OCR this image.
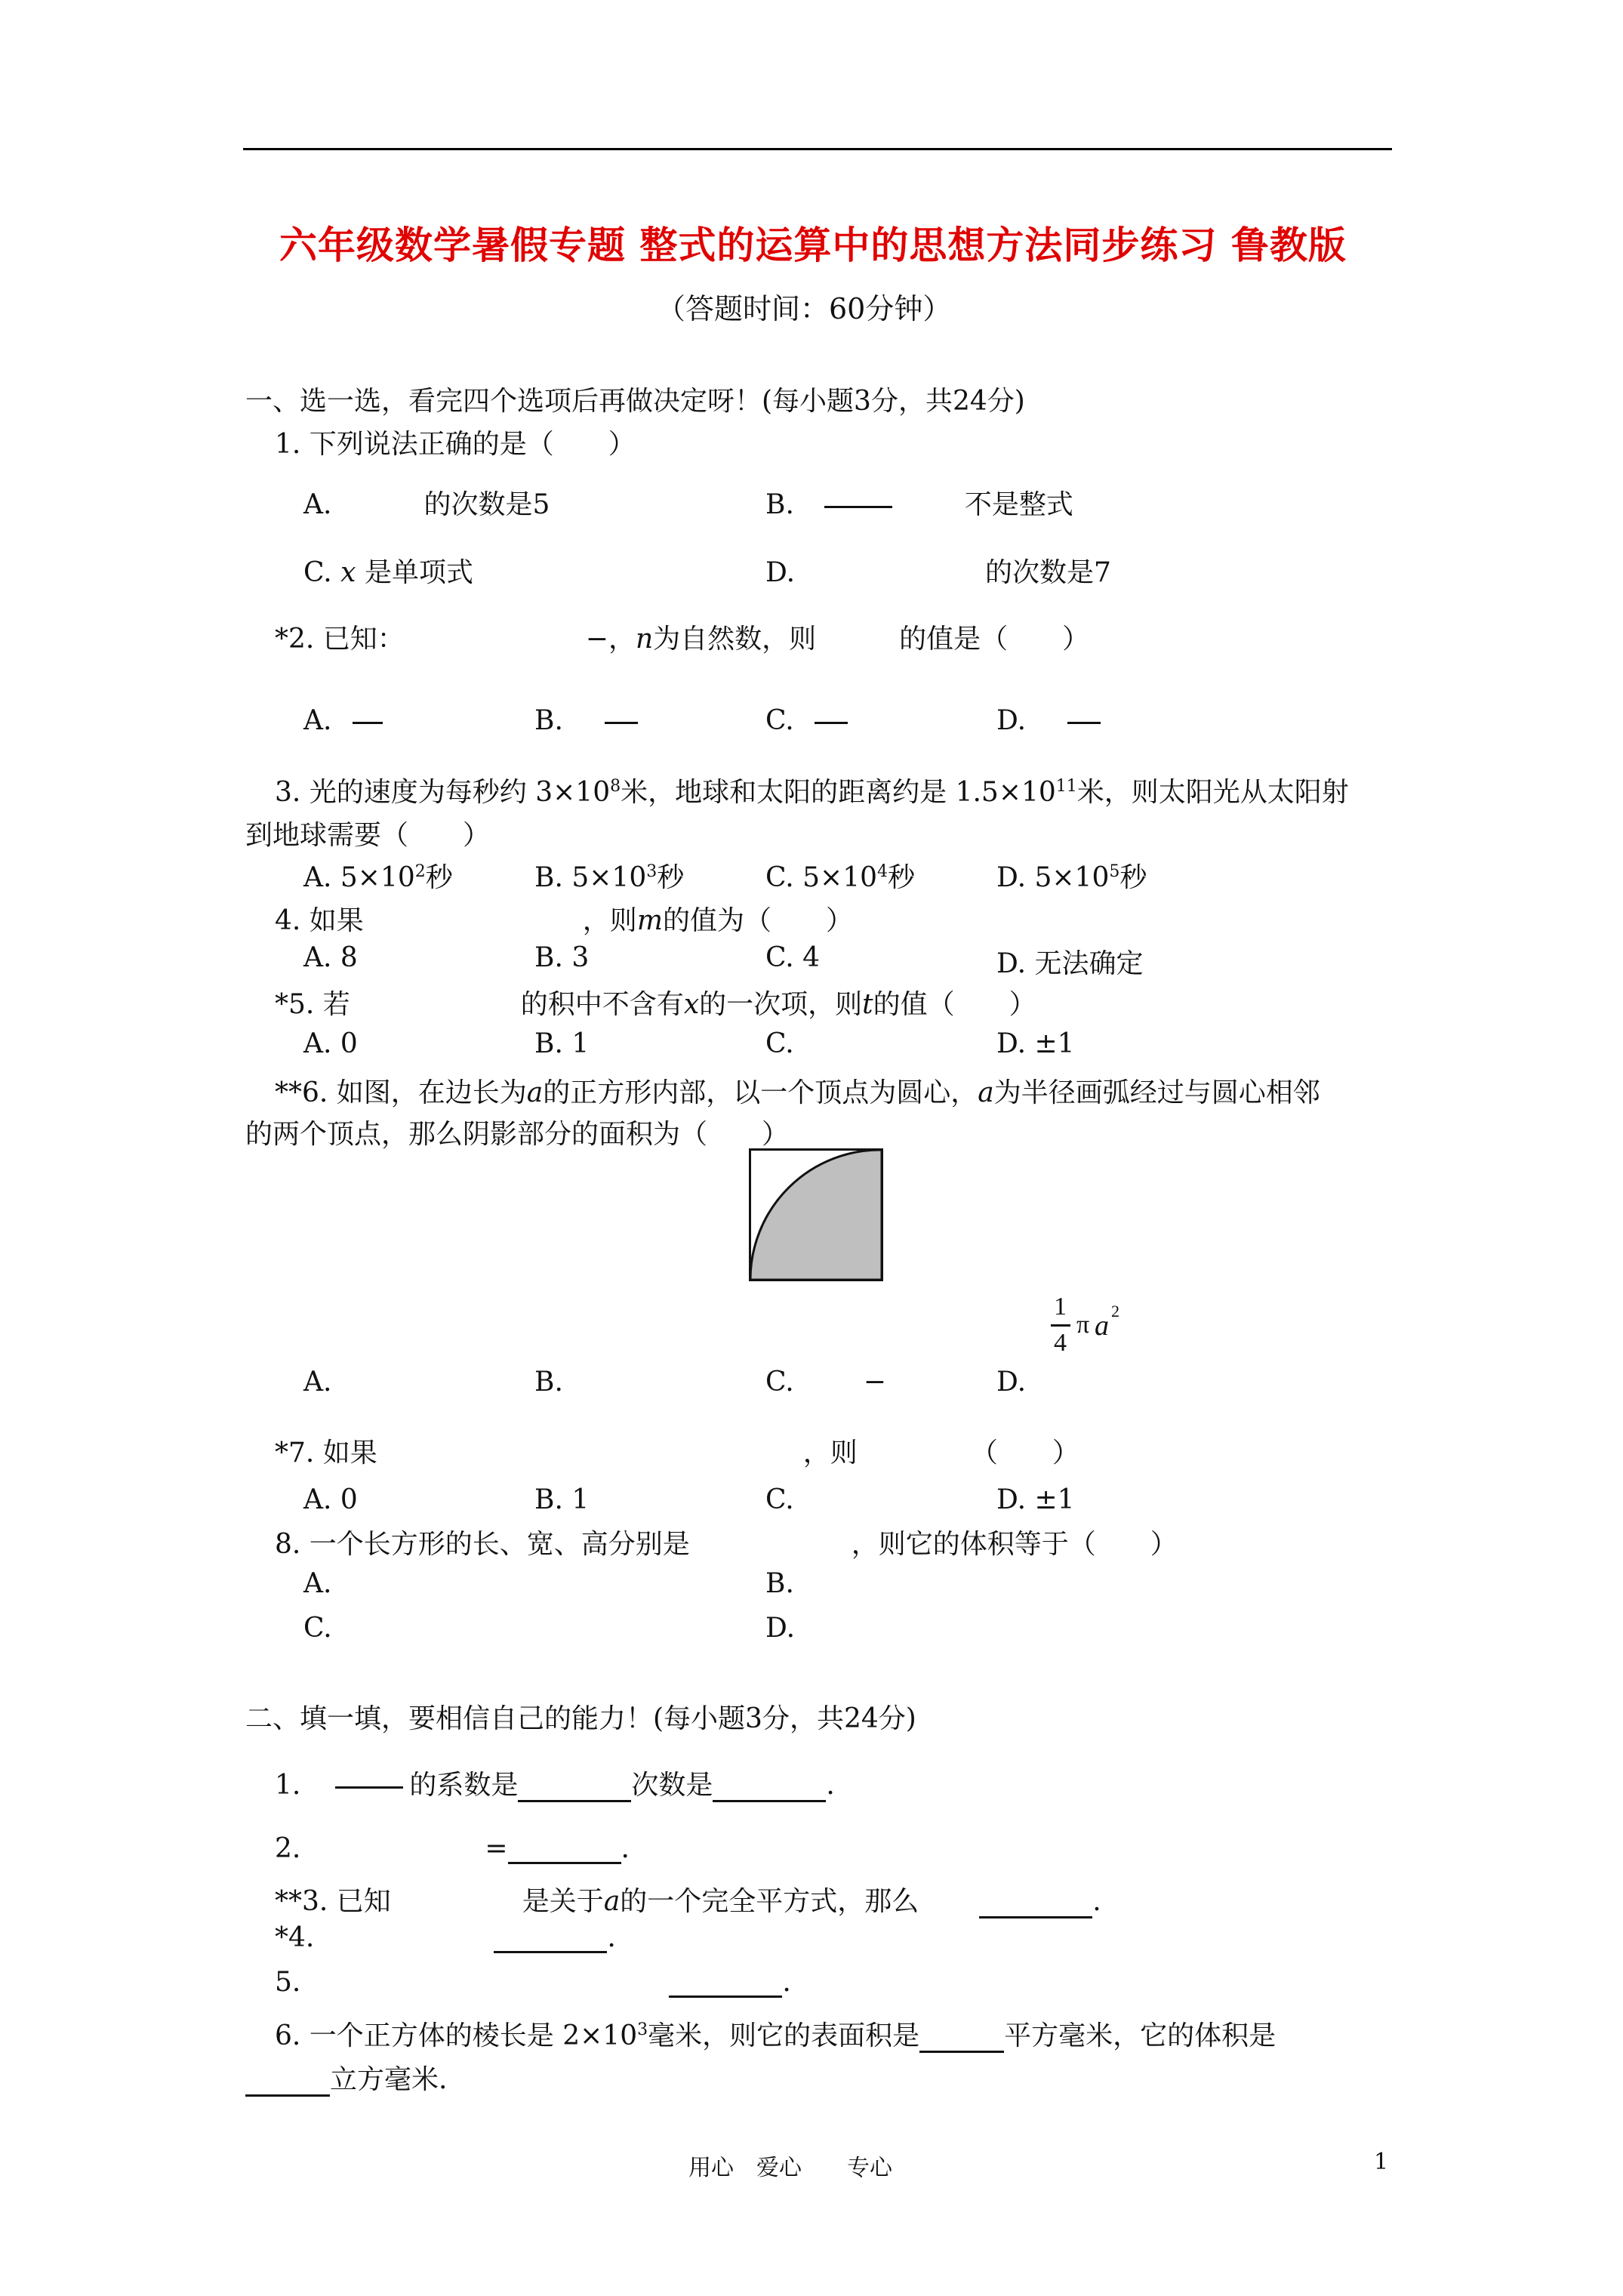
六年级数学暑假专题 整式的运算中的思想方法同步练习 鲁教版
（答题时间：60分钟）
一、选一选，看完四个选项后再做决定呀！(每小题3分，共24分)
1. 下列说法正确的是（　　）
A.	的次数是5	B.	不是整式
C. x 是单项式	D.	的次数是7
*2. 已知：	−，n为自然数，则	的值是（　　）
A.	B.	C.	D.
3. 光的速度为每秒约 $3\times 10^8$米，地球和太阳的距离约是 $1.5\times 10^{11}$米，则太阳光从太阳射
到地球需要（　　）
A. $5\times 10^2$秒	B. $5\times 10^3$秒	C. $5\times 10^4$秒	D. $5\times 10^5$秒
4. 如果	，则m的值为（　　）
A. 8	B. 3	C. 4	D. 无法确定
*5. 若	的积中不含有x的一次项，则t的值（　　）
A. 0	B. 1	C.	D. ±1
**6. 如图，在边长为a的正方形内部，以一个顶点为圆心，a为半径画弧经过与圆心相邻
的两个顶点，那么阴影部分的面积为（　　）
1
4
π a 2
A.	B.	C.	−	D.
*7. 如果	，则	（　　）
A. 0	B. 1	C.	D. ±1
8. 一个长方形的长、宽、高分别是	，则它的体积等于（　　）
A.	B.
C.	D.
二、填一填，要相信自己的能力！(每小题3分，共24分)
1.	的系数是	次数是	.
2.	=	.
**3. 已知	是关于a的一个完全平方式，那么	.
*4.	.
5.	.
6. 一个正方体的棱长是 $2\times 10^3$毫米，则它的表面积是	平方毫米，它的体积是
立方毫米.
用心　爱心　　专心	1
